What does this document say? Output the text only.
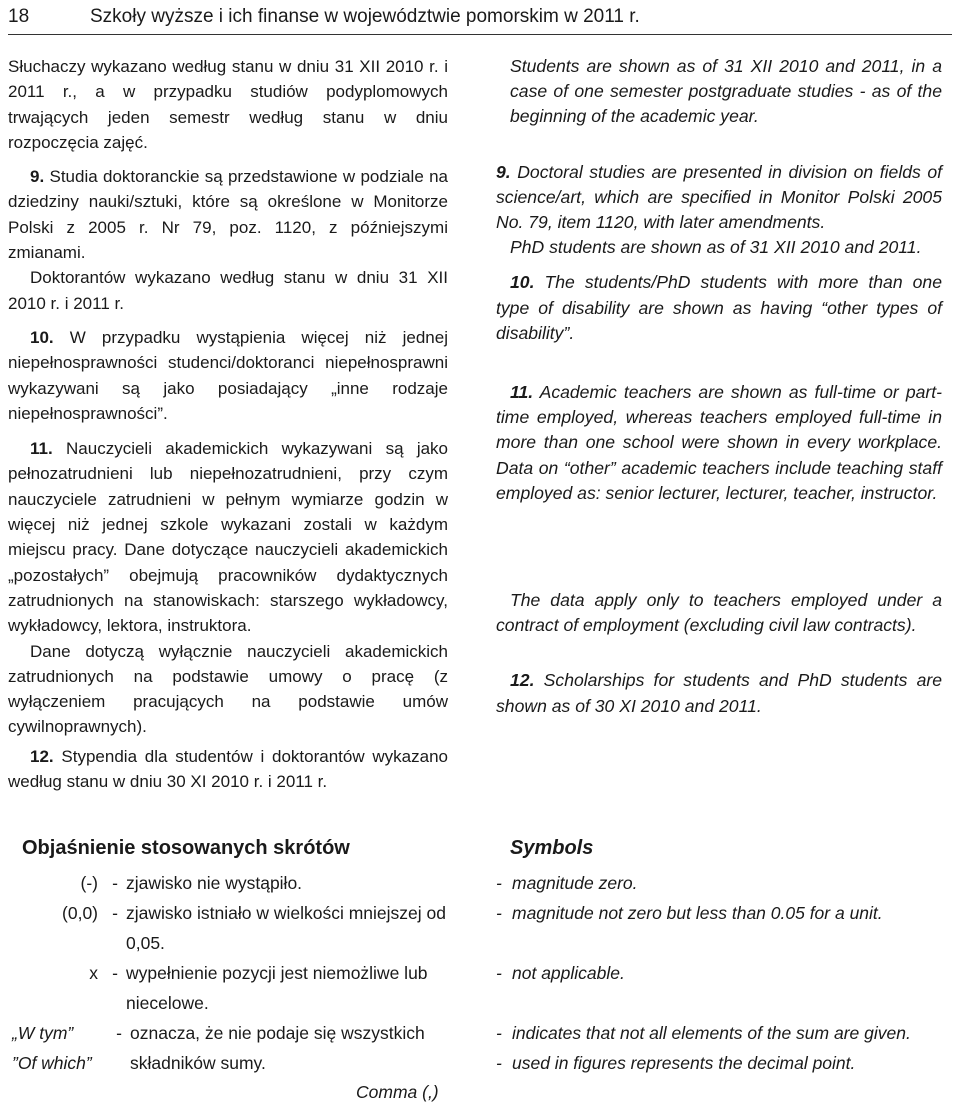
18	Szkoły wyższe i ich finanse w województwie pomorskim w 2011 r.

Słuchaczy wykazano według stanu w dniu 31 XII 2010 r. i 2011 r., a w przypadku studiów podyplomowych trwających jeden semestr według stanu w dniu rozpoczęcia zajęć.

9. Studia doktoranckie są przedstawione w podziale na dziedziny nauki/sztuki, które są określone w Monitorze Polski z 2005 r. Nr 79, poz. 1120, z późniejszymi zmianami.

Doktorantów wykazano według stanu w dniu 31 XII 2010 r. i 2011 r.

10. W przypadku wystąpienia więcej niż jednej niepełnosprawności studenci/doktoranci niepełnosprawni wykazywani są jako posiadający „inne rodzaje niepełnosprawności”.

11. Nauczycieli akademickich wykazywani są jako pełnozatrudnieni lub niepełnozatrudnieni, przy czym nauczyciele zatrudnieni w pełnym wymiarze godzin w więcej niż jednej szkole wykazani zostali w każdym miejscu pracy. Dane dotyczące nauczycieli akademickich „pozostałych” obejmują pracowników dydaktycznych zatrudnionych na stanowiskach: starszego wykładowcy, wykładowcy, lektora, instruktora.

Dane dotyczą wyłącznie nauczycieli akademickich zatrudnionych na podstawie umowy o pracę (z wyłączeniem pracujących na podstawie umów cywilnoprawnych).

12. Stypendia dla studentów i doktorantów wykazano według stanu w dniu 30 XI 2010 r. i 2011 r.

Students are shown as of 31 XII 2010 and 2011, in a case of one semester postgraduate studies - as of the beginning of the academic year.

9. Doctoral studies are presented in division on fields of science/art, which are specified in Monitor Polski 2005 No. 79, item 1120, with later amendments.

PhD students are shown as of 31 XII 2010 and 2011.

10. The students/PhD students with more than one type of disability are shown as having “other types of disability”.

11. Academic teachers are shown as full-time or part-time employed, whereas teachers employed full-time in more than one school were shown in every workplace. Data on “other” academic teachers include teaching staff employed as: senior lecturer, lecturer, teacher, instructor.

The data apply only to teachers employed under a contract of employment (excluding civil law contracts).

12. Scholarships for students and PhD students are shown as of 30 XI 2010 and 2011.

Objaśnienie stosowanych skrótów	Symbols
(-) - zjawisko nie wystąpiło.
(0,0) - zjawisko istniało w wielkości mniejszej od 0,05.
x - wypełnienie pozycji jest niemożliwe lub niecelowe.
„W tym”
”Of which”
- oznacza, że nie podaje się wszystkich składników sumy.
- magnitude zero.
- magnitude not zero but less than 0.05 for a unit.
- not applicable.
- indicates that not all elements of the sum are given.
- used in figures represents the decimal point.
Comma (,)
